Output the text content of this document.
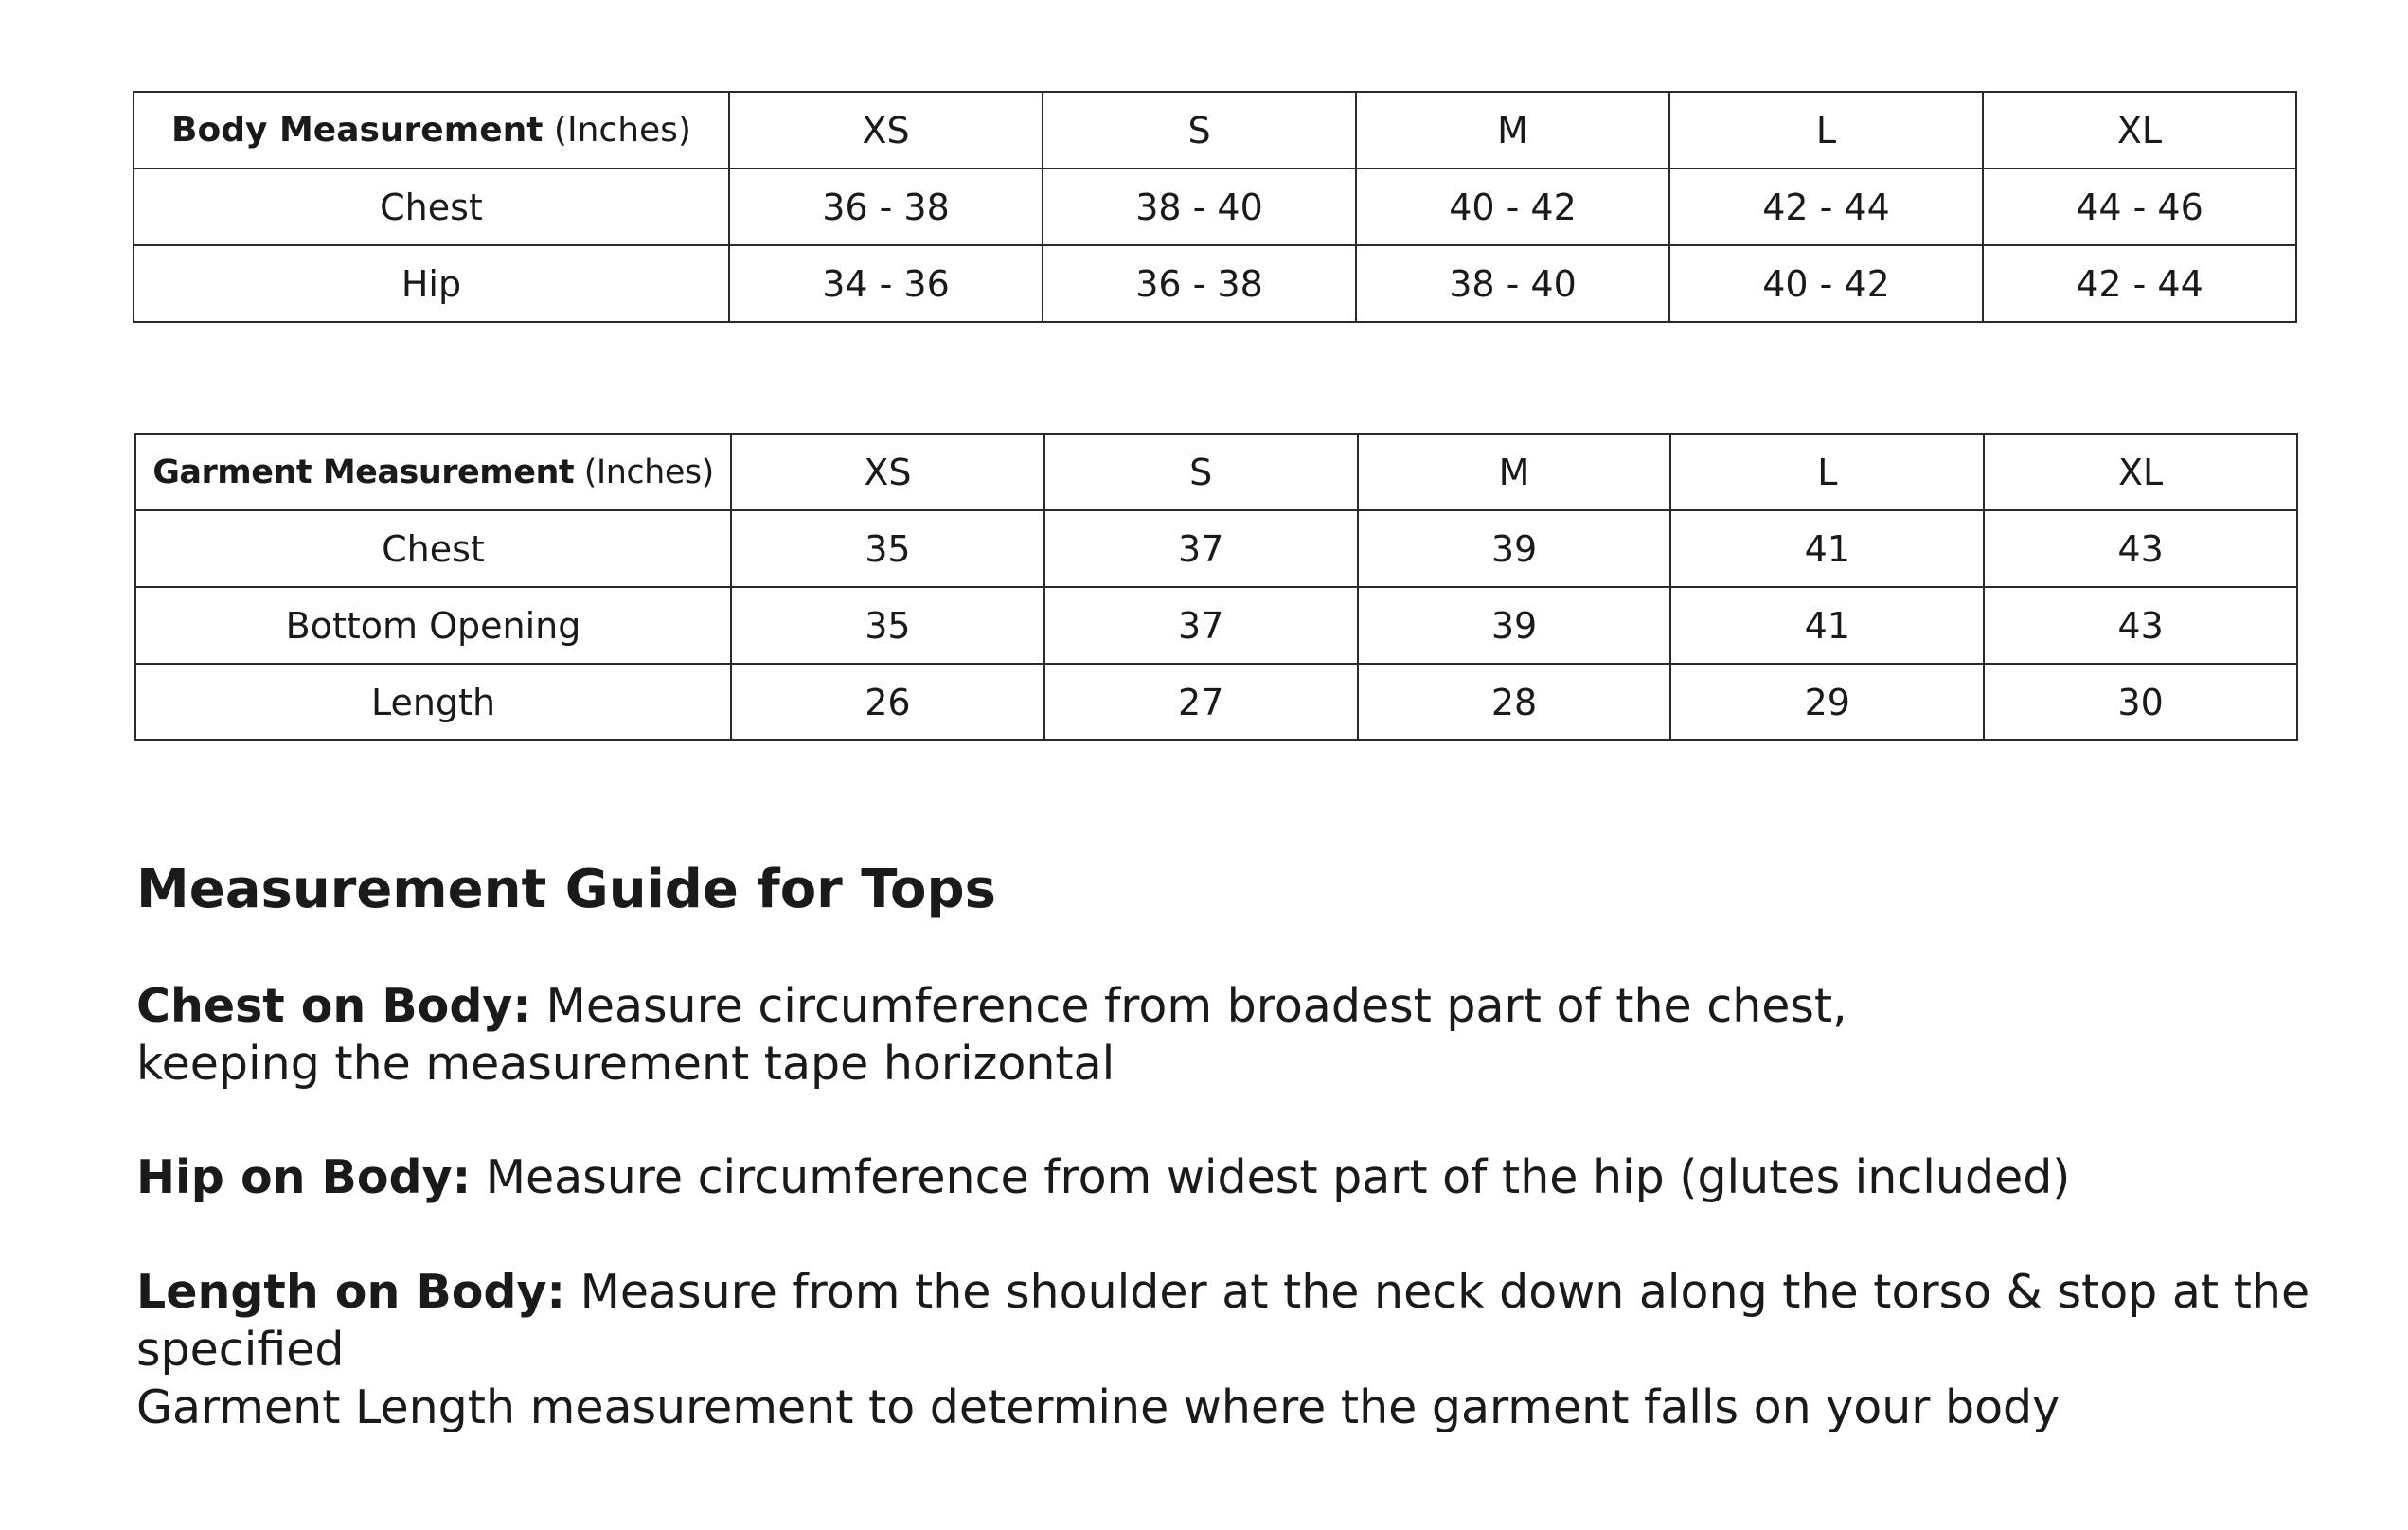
Body Measurement (Inches)	XS	S	M	L	XL
Chest	36 - 38	38 - 40	40 - 42	42 - 44	44 - 46
Hip	34 - 36	36 - 38	38 - 40	40 - 42	42 - 44
Garment Measurement (Inches)	XS	S	M	L	XL
Chest	35	37	39	41	43
Bottom Opening	35	37	39	41	43
Length	26	27	28	29	30
Measurement Guide for Tops
Chest on Body: Measure circumference from broadest part of the chest,
keeping the measurement tape horizontal
Hip on Body: Measure circumference from widest part of the hip (glutes included)
Length on Body: Measure from the shoulder at the neck down along the torso & stop at the specified
Garment Length measurement to determine where the garment falls on your body
